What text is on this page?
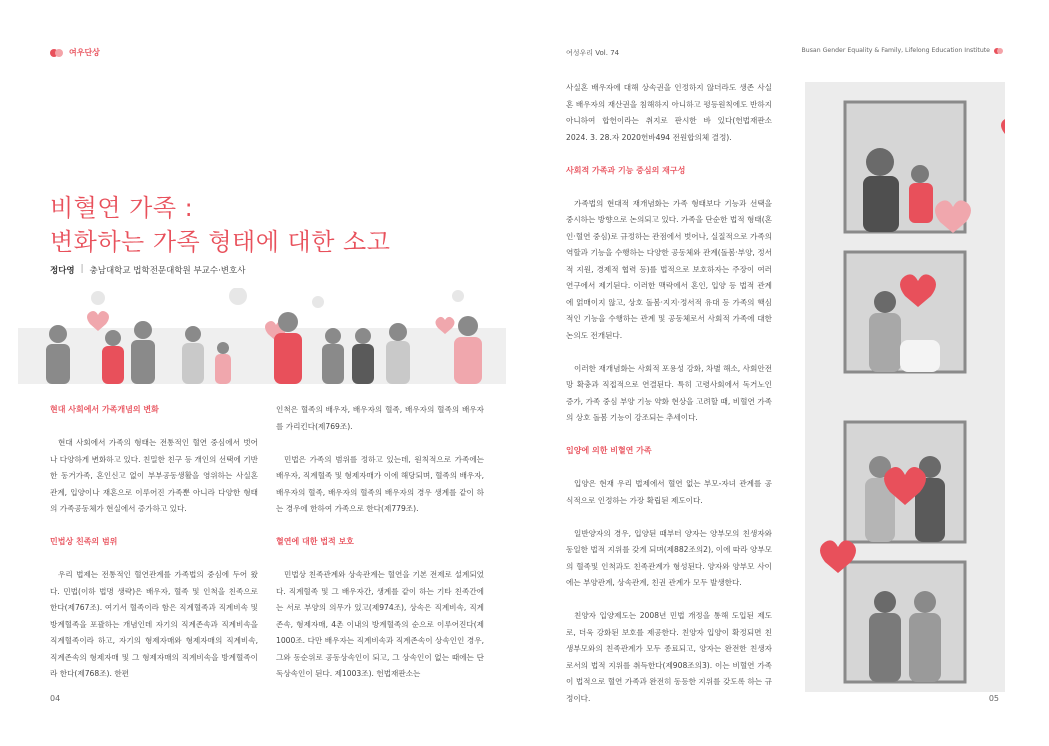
여우단상
비혈연 가족 :
변화하는 가족 형태에 대한 소고
정다영 | 충남대학교 법학전문대학원 부교수·변호사
현대 사회에서 가족개념의 변화

현대 사회에서 가족의 형태는 전통적인 혈연 중심에서 벗어나 다양하게 변화하고 있다. 친밀한 친구 등 개인의 선택에 기반한 동거가족, 혼인신고 없이 부부공동생활을 영위하는 사실혼 관계, 입양이나 재혼으로 이루어진 가족뿐 아니라 다양한 형태의 가족공동체가 현실에서 증가하고 있다.

민법상 친족의 범위

우리 법제는 전통적인 혈연관계를 가족법의 중심에 두어 왔다. 민법(이하 법명 생략)은 배우자, 혈족 및 인척을 친족으로 한다(제767조). 여기서 혈족이라 함은 직계혈족과 직계비속 및 방계혈족을 포괄하는 개념인데 자기의 직계존속과 직계비속을 직계혈족이라 하고, 자기의 형제자매와 형제자매의 직계비속, 직계존속의 형제자매 및 그 형제자매의 직계비속을 방계혈족이라 한다(제768조). 한편

인척은 혈족의 배우자, 배우자의 혈족, 배우자의 혈족의 배우자를 가리킨다(제769조).

민법은 가족의 범위를 정하고 있는데, 원칙적으로 가족에는 배우자, 직계혈족 및 형제자매가 이에 해당되며, 혈족의 배우자, 배우자의 혈족, 배우자의 혈족의 배우자의 경우 생계를 같이 하는 경우에 한하여 가족으로 한다(제779조).

혈연에 대한 법적 보호

민법상 친족관계와 상속관계는 혈연을 기본 전제로 설계되었다. 직계혈족 및 그 배우자간, 생계를 같이 하는 기타 친족간에는 서로 부양의 의무가 있고(제974조), 상속은 직계비속, 직계존속, 형제자매, 4촌 이내의 방계혈족의 순으로 이루어진다(제1000조. 다만 배우자는 직계비속과 직계존속이 상속인인 경우, 그와 동순위로 공동상속인이 되고, 그 상속인이 없는 때에는 단독상속인이 된다. 제1003조). 헌법재판소는

04	05
여성우리 Vol. 74	Busan Gender Equality & Family, Lifelong Education Institute

사실혼 배우자에 대해 상속권을 인정하지 않더라도 생존 사실혼 배우자의 재산권을 침해하지 아니하고 평등원칙에도 반하지 아니하여 합헌이라는 취지로 판시한 바 있다(헌법재판소 2024. 3. 28.자 2020헌바494 전원합의체 결정).

사회적 가족과 기능 중심의 재구성

가족법의 현대적 재개념화는 가족 형태보다 기능과 선택을 중시하는 방향으로 논의되고 있다. 가족을 단순한 법적 형태(혼인·혈연 중심)로 규정하는 관점에서 벗어나, 실질적으로 가족의 역할과 기능을 수행하는 다양한 공동체와 관계(돌봄·부양, 정서적 지원, 경제적 협력 등)를 법적으로 보호하자는 주장이 여러 연구에서 제기된다. 이러한 맥락에서 혼인, 입양 등 법적 관계에 얽매이지 않고, 상호 돌봄·지지·정서적 유대 등 가족의 핵심적인 기능을 수행하는 관계 및 공동체로서 사회적 가족에 대한 논의도 전개된다.

이러한 재개념화는 사회적 포용성 강화, 차별 해소, 사회안전망 확충과 직접적으로 연결된다. 특히 고령사회에서 독거노인 증가, 가족 중심 부양 기능 약화 현상을 고려할 때, 비혈연 가족의 상호 돌봄 기능이 강조되는 추세이다.

입양에 의한 비혈연 가족

입양은 현재 우리 법제에서 혈연 없는 부모-자녀 관계를 공식적으로 인정하는 가장 확립된 제도이다.

일반양자의 경우, 입양된 때부터 양자는 양부모의 친생자와 동일한 법적 지위를 갖게 되며(제882조의2), 이에 따라 양부모의 혈족및 인척과도 친족관계가 형성된다. 양자와 양부모 사이에는 부양관계, 상속관계, 친권 관계가 모두 발생한다.

친양자 입양제도는 2008년 민법 개정을 통해 도입된 제도로, 더욱 강화된 보호를 제공한다. 친양자 입양이 확정되면 친생부모와의 친족관계가 모두 종료되고, 양자는 완전한 친생자로서의 법적 지위를 취득한다(제908조의3). 이는 비혈연 가족이 법적으로 혈연 가족과 완전히 동등한 지위를 갖도록 하는 규정이다.
